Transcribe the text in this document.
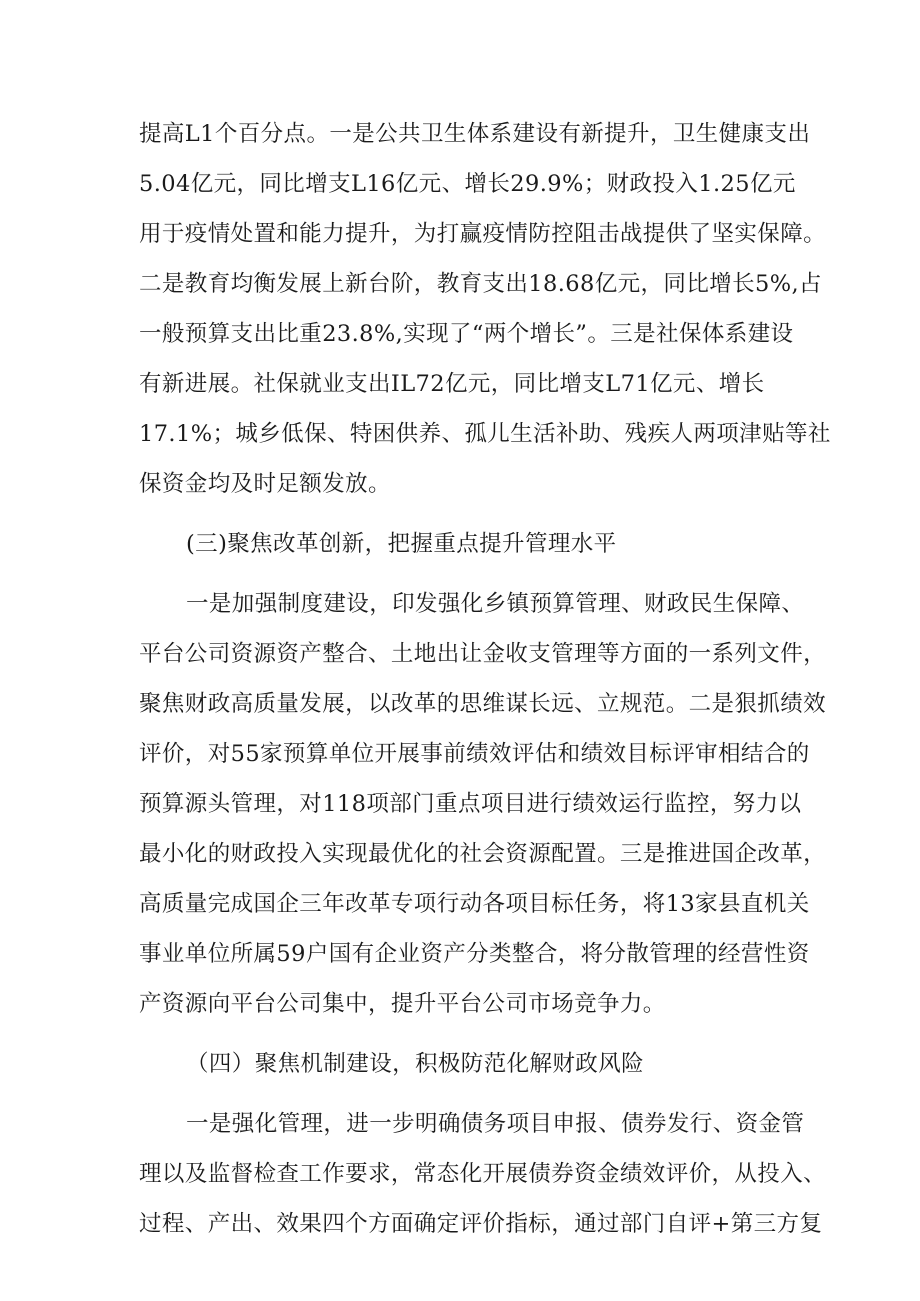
提高L1个百分点。一是公共卫生体系建设有新提升，卫生健康支出
5.04亿元，同比增支L16亿元、增长29.9%；财政投入1.25亿元
用于疫情处置和能力提升，为打赢疫情防控阻击战提供了坚实保障。
二是教育均衡发展上新台阶，教育支出18.68亿元，同比增长5%,占
一般预算支出比重23.8%,实现了“两个增长”。三是社保体系建设
有新进展。社保就业支出IL72亿元，同比增支L71亿元、增长
17.1%；城乡低保、特困供养、孤儿生活补助、残疾人两项津贴等社
保资金均及时足额发放。
(三)聚焦改革创新，把握重点提升管理水平
一是加强制度建设，印发强化乡镇预算管理、财政民生保障、
平台公司资源资产整合、土地出让金收支管理等方面的一系列文件，
聚焦财政高质量发展，以改革的思维谋长远、立规范。二是狠抓绩效
评价，对55家预算单位开展事前绩效评估和绩效目标评审相结合的
预算源头管理，对118项部门重点项目进行绩效运行监控，努力以
最小化的财政投入实现最优化的社会资源配置。三是推进国企改革，
高质量完成国企三年改革专项行动各项目标任务，将13家县直机关
事业单位所属59户国有企业资产分类整合，将分散管理的经营性资
产资源向平台公司集中，提升平台公司市场竞争力。
（四）聚焦机制建设，积极防范化解财政风险
一是强化管理，进一步明确债务项目申报、债券发行、资金管
理以及监督检查工作要求，常态化开展债券资金绩效评价，从投入、
过程、产出、效果四个方面确定评价指标，通过部门自评+第三方复
